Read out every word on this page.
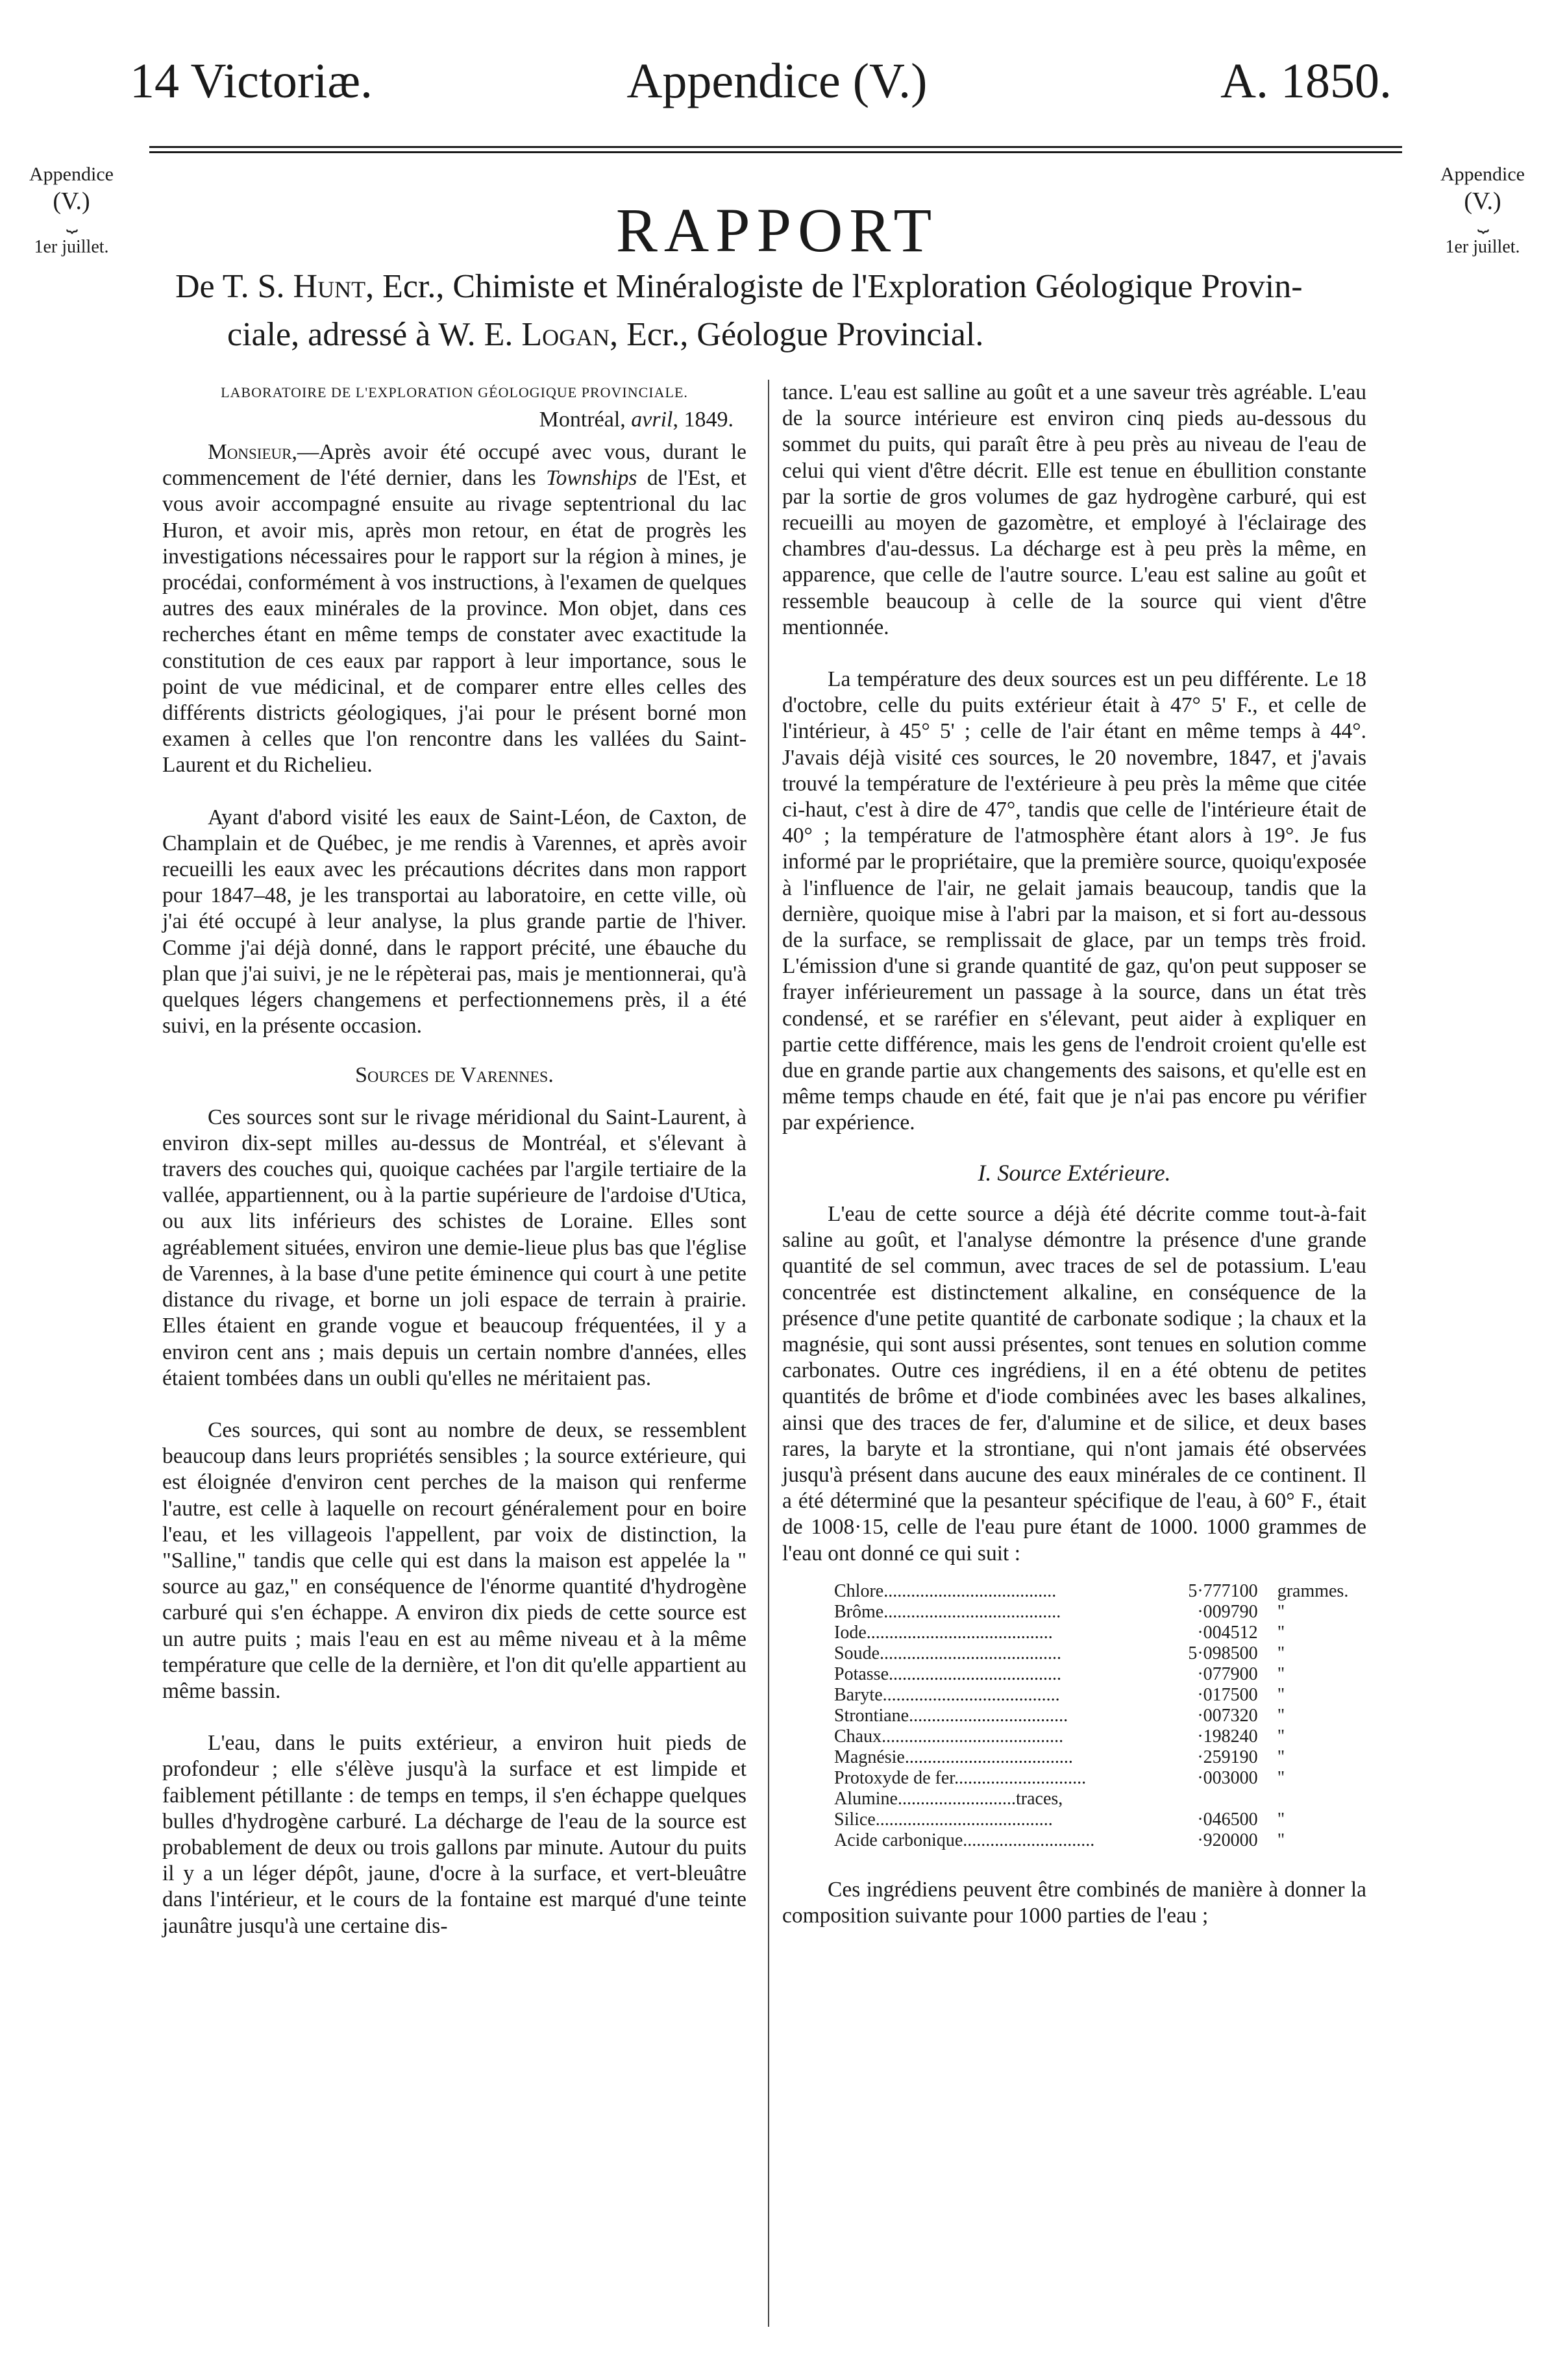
14 Victoriæ.	Appendice (V.)	A. 1850.
Appendice
(V.)
⏟
1er juillet.
Appendice
(V.)
⏟
1er juillet.
RAPPORT
De T. S. Hunt, Ecr., Chimiste et Minéralogiste de l'Exploration Géologique Provin-
ciale, adressé à W. E. Logan, Ecr., Géologue Provincial.
LABORATOIRE DE L'EXPLORATION GÉOLOGIQUE PROVINCIALE.
Montréal, avril, 1849.

Monsieur,—Après avoir été occupé avec vous, durant le commencement de l'été dernier, dans les Townships de l'Est, et vous avoir accompagné ensuite au rivage septentrional du lac Huron, et avoir mis, après mon retour, en état de progrès les investigations nécessaires pour le rapport sur la région à mines, je procédai, conformément à vos instructions, à l'examen de quelques autres des eaux minérales de la province. Mon objet, dans ces recherches étant en même temps de constater avec exactitude la constitution de ces eaux par rapport à leur importance, sous le point de vue médicinal, et de comparer entre elles celles des différents districts géologiques, j'ai pour le présent borné mon examen à celles que l'on rencontre dans les vallées du Saint-Laurent et du Richelieu.

Ayant d'abord visité les eaux de Saint-Léon, de Caxton, de Champlain et de Québec, je me rendis à Varennes, et après avoir recueilli les eaux avec les précautions décrites dans mon rapport pour 1847–48, je les transportai au laboratoire, en cette ville, où j'ai été occupé à leur analyse, la plus grande partie de l'hiver. Comme j'ai déjà donné, dans le rapport précité, une ébauche du plan que j'ai suivi, je ne le répèterai pas, mais je mentionnerai, qu'à quelques légers changemens et perfectionnemens près, il a été suivi, en la présente occasion.

Sources de Varennes.

Ces sources sont sur le rivage méridional du Saint-Laurent, à environ dix-sept milles au-dessus de Montréal, et s'élevant à travers des couches qui, quoique cachées par l'argile tertiaire de la vallée, appartiennent, ou à la partie supérieure de l'ardoise d'Utica, ou aux lits inférieurs des schistes de Loraine. Elles sont agréablement situées, environ une demie-lieue plus bas que l'église de Varennes, à la base d'une petite éminence qui court à une petite distance du rivage, et borne un joli espace de terrain à prairie. Elles étaient en grande vogue et beaucoup fréquentées, il y a environ cent ans ; mais depuis un certain nombre d'années, elles étaient tombées dans un oubli qu'elles ne méritaient pas.

Ces sources, qui sont au nombre de deux, se ressemblent beaucoup dans leurs propriétés sensibles ; la source extérieure, qui est éloignée d'environ cent perches de la maison qui renferme l'autre, est celle à laquelle on recourt généralement pour en boire l'eau, et les villageois l'appellent, par voix de distinction, la "Salline," tandis que celle qui est dans la maison est appelée la " source au gaz," en conséquence de l'énorme quantité d'hydrogène carburé qui s'en échappe. A environ dix pieds de cette source est un autre puits ; mais l'eau en est au même niveau et à la même température que celle de la dernière, et l'on dit qu'elle appartient au même bassin.

L'eau, dans le puits extérieur, a environ huit pieds de profondeur ; elle s'élève jusqu'à la surface et est limpide et faiblement pétillante : de temps en temps, il s'en échappe quelques bulles d'hydrogène carburé. La décharge de l'eau de la source est probablement de deux ou trois gallons par minute. Autour du puits il y a un léger dépôt, jaune, d'ocre à la surface, et vert-bleuâtre dans l'intérieur, et le cours de la fontaine est marqué d'une teinte jaunâtre jusqu'à une certaine dis-

tance. L'eau est salline au goût et a une saveur très agréable. L'eau de la source intérieure est environ cinq pieds au-dessous du sommet du puits, qui paraît être à peu près au niveau de l'eau de celui qui vient d'être décrit. Elle est tenue en ébullition constante par la sortie de gros volumes de gaz hydrogène carburé, qui est recueilli au moyen de gazomètre, et employé à l'éclairage des chambres d'au-dessus. La décharge est à peu près la même, en apparence, que celle de l'autre source. L'eau est saline au goût et ressemble beaucoup à celle de la source qui vient d'être mentionnée.

La température des deux sources est un peu différente. Le 18 d'octobre, celle du puits extérieur était à 47° 5' F., et celle de l'intérieur, à 45° 5' ; celle de l'air étant en même temps à 44°. J'avais déjà visité ces sources, le 20 novembre, 1847, et j'avais trouvé la température de l'extérieure à peu près la même que citée ci-haut, c'est à dire de 47°, tandis que celle de l'intérieure était de 40° ; la température de l'atmosphère étant alors à 19°. Je fus informé par le propriétaire, que la première source, quoiqu'exposée à l'influence de l'air, ne gelait jamais beaucoup, tandis que la dernière, quoique mise à l'abri par la maison, et si fort au-dessous de la surface, se remplissait de glace, par un temps très froid. L'émission d'une si grande quantité de gaz, qu'on peut supposer se frayer inférieurement un passage à la source, dans un état très condensé, et se raréfier en s'élevant, peut aider à expliquer en partie cette différence, mais les gens de l'endroit croient qu'elle est due en grande partie aux changements des saisons, et qu'elle est en même temps chaude en été, fait que je n'ai pas encore pu vérifier par expérience.

I. Source Extérieure.

L'eau de cette source a déjà été décrite comme tout-à-fait saline au goût, et l'analyse démontre la présence d'une grande quantité de sel commun, avec traces de sel de potassium. L'eau concentrée est distinctement alkaline, en conséquence de la présence d'une petite quantité de carbonate sodique ; la chaux et la magnésie, qui sont aussi présentes, sont tenues en solution comme carbonates. Outre ces ingrédiens, il en a été obtenu de petites quantités de brôme et d'iode combinées avec les bases alkalines, ainsi que des traces de fer, d'alumine et de silice, et deux bases rares, la baryte et la strontiane, qui n'ont jamais été observées jusqu'à présent dans aucune des eaux minérales de ce continent. Il a été déterminé que la pesanteur spécifique de l'eau, à 60° F., était de 1008·15, celle de l'eau pure étant de 1000. 1000 grammes de l'eau ont donné ce qui suit :

Chlore......................................	5·777100	grammes.
Brôme.......................................	·009790	"
Iode.........................................	·004512	"
Soude........................................	5·098500	"
Potasse......................................	·077900	"
Baryte.......................................	·017500	"
Strontiane...................................	·007320	"
Chaux........................................	·198240	"
Magnésie.....................................	·259190	"
Protoxyde de fer.............................	·003000	"
Alumine..........................traces,		
Silice.......................................	·046500	"
Acide carbonique.............................	·920000	"

Ces ingrédiens peuvent être combinés de manière à donner la composition suivante pour 1000 parties de l'eau ;
